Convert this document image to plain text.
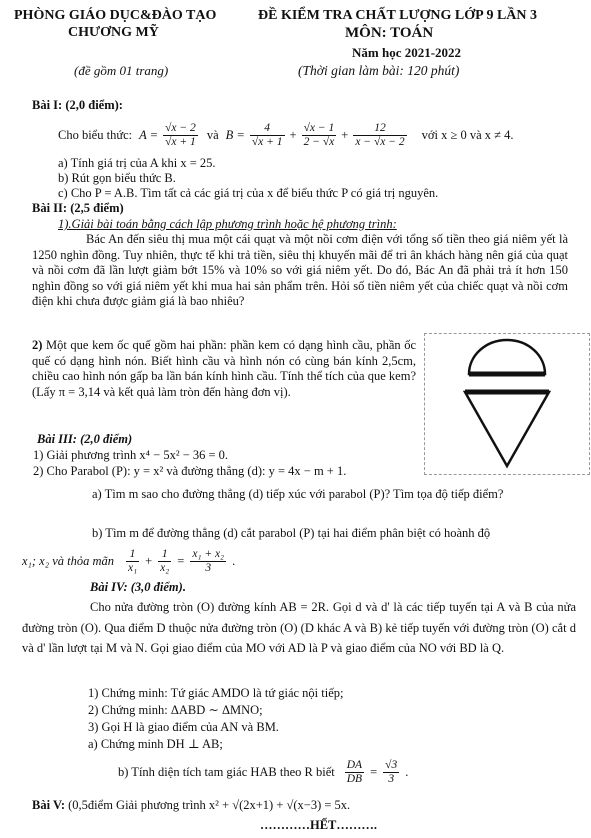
PHÒNG GIÁO DỤC&ĐÀO TẠO
CHƯƠNG MỸ
(đề gồm 01 trang)
ĐỀ KIỂM TRA CHẤT LƯỢNG LỚP 9 LẦN 3
MÔN: TOÁN
Năm học 2021-2022
(Thời gian làm bài: 120 phút)
Bài I: (2,0 điểm):
Cho biểu thức: $A = \frac{√x - 2}{√x + 1}$ và $B = \frac{4}{√x + 1} + \frac{√x - 1}{2 - √x} + \frac{12}{x - √x - 2}$ với x ≥ 0 và x ≠ 4.
a) Tính giá trị của A khi x = 25.
b) Rút gọn biểu thức B.
c) Cho P = A.B. Tìm tất cả các giá trị của x để biểu thức P có giá trị nguyên.
Bài II: (2,5 điểm)
1).Giải bài toán bằng cách lập phương trình hoặc hệ phương trình:
Bác An đến siêu thị mua một cái quạt và một nồi cơm điện với tổng số tiền theo giá niêm yết là 1250 nghìn đồng. Tuy nhiên, thực tế khi trả tiền, siêu thị khuyến mãi để tri ân khách hàng nên giá của quạt và nồi cơm đã lần lượt giảm bớt 15% và 10% so với giá niêm yết. Do đó, Bác An đã phải trả ít hơn 150 nghìn đồng so với giá niêm yết khi mua hai sản phẩm trên. Hỏi số tiền niêm yết của chiếc quạt và nồi cơm điện khi chưa được giảm giá là bao nhiêu?
2) Một que kem ốc quế gồm hai phần: phần kem có dạng hình cầu, phần ốc quế có dạng hình nón. Biết hình cầu và hình nón có cùng bán kính 2,5cm, chiều cao hình nón gấp ba lần bán kính hình cầu. Tính thể tích của que kem? (Lấy π = 3,14 và kết quả làm tròn đến hàng đơn vị).
Bài III: (2,0 điểm)
1) Giải phương trình x⁴ − 5x² − 36 = 0.
2) Cho Parabol (P): y = x² và đường thẳng (d): y = 4x − m + 1.
a) Tìm m sao cho đường thẳng (d) tiếp xúc với parabol (P)? Tìm tọa độ tiếp điểm?
b) Tìm m để đường thẳng (d) cắt parabol (P) tại hai điểm phân biệt có hoành độ
x₁; x₂ và thỏa mãn $\frac{1}{\text{x₁}} + \frac{1}{\text{x₂}} = \frac{\text{x₁ + x₂}}{3}$ .
Bài IV: (3,0 điểm).
Cho nửa đường tròn (O) đường kính AB = 2R. Gọi d và d' là các tiếp tuyến tại A và B của nửa đường tròn (O). Qua điểm D thuộc nửa đường tròn (O) (D khác A và B) kẻ tiếp tuyến với đường tròn (O) cắt d và d' lần lượt tại M và N. Gọi giao điểm của MO với AD là P và giao điểm của NO với BD là Q.
1) Chứng minh: Tứ giác AMDO là tứ giác nội tiếp;
2) Chứng minh: ΔABD ∼ ΔMNO;
3) Gọi H là giao điểm của AN và BM.
a) Chứng minh DH ⊥ AB;
b) Tính diện tích tam giác HAB theo R biết $\frac{DA}{DB} = \frac{√3}{3}$ .
Bài V: (0,5điểm Giải phương trình x² + √(2x+1) + √(x−3) = 5x.
…………HẾT……….
